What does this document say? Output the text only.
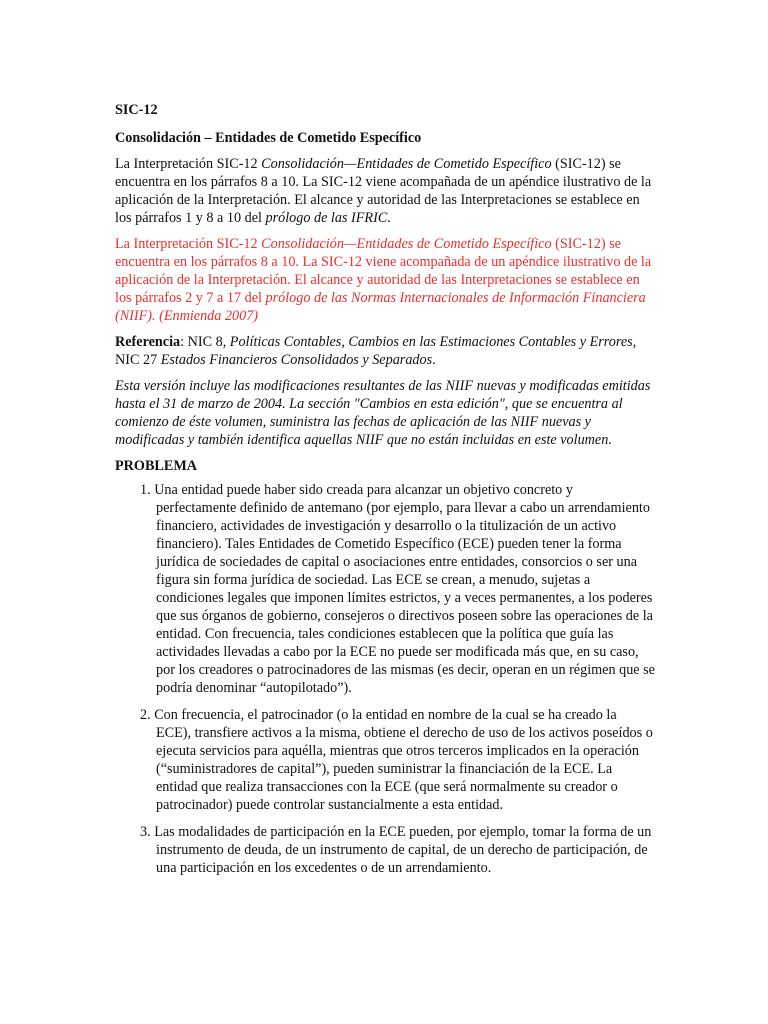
SIC-12
Consolidación – Entidades de Cometido Específico

La Interpretación SIC-12 Consolidación—Entidades de Cometido Específico (SIC-12) se encuentra en los párrafos 8 a 10. La SIC-12 viene acompañada de un apéndice ilustrativo de la aplicación de la Interpretación. El alcance y autoridad de las Interpretaciones se establece en los párrafos 1 y 8 a 10 del prólogo de las IFRIC.

La Interpretación SIC-12 Consolidación—Entidades de Cometido Específico (SIC-12) se encuentra en los párrafos 8 a 10. La SIC-12 viene acompañada de un apéndice ilustrativo de la aplicación de la Interpretación. El alcance y autoridad de las Interpretaciones se establece en los párrafos 2 y 7 a 17 del prólogo de las Normas Internacionales de Información Financiera (NIIF). (Enmienda 2007)

Referencia: NIC 8, Políticas Contables, Cambios en las Estimaciones Contables y Errores, NIC 27 Estados Financieros Consolidados y Separados.

Esta versión incluye las modificaciones resultantes de las NIIF nuevas y modificadas emitidas hasta el 31 de marzo de 2004. La sección "Cambios en esta edición", que se encuentra al comienzo de éste volumen, suministra las fechas de aplicación de las NIIF nuevas y modificadas y también identifica aquellas NIIF que no están incluidas en este volumen.

PROBLEMA
1. Una entidad puede haber sido creada para alcanzar un objetivo concreto y perfectamente definido de antemano (por ejemplo, para llevar a cabo un arrendamiento financiero, actividades de investigación y desarrollo o la titulización de un activo financiero). Tales Entidades de Cometido Específico (ECE) pueden tener la forma jurídica de sociedades de capital o asociaciones entre entidades, consorcios o ser una figura sin forma jurídica de sociedad. Las ECE se crean, a menudo, sujetas a condiciones legales que imponen límites estrictos, y a veces permanentes, a los poderes que sus órganos de gobierno, consejeros o directivos poseen sobre las operaciones de la entidad. Con frecuencia, tales condiciones establecen que la política que guía las actividades llevadas a cabo por la ECE no puede ser modificada más que, en su caso, por los creadores o patrocinadores de las mismas (es decir, operan en un régimen que se podría denominar “autopilotado”).
2. Con frecuencia, el patrocinador (o la entidad en nombre de la cual se ha creado la ECE), transfiere activos a la misma, obtiene el derecho de uso de los activos poseídos o ejecuta servicios para aquélla, mientras que otros terceros implicados en la operación (“suministradores de capital”), pueden suministrar la financiación de la ECE. La entidad que realiza transacciones con la ECE (que será normalmente su creador o patrocinador) puede controlar sustancialmente a esta entidad.
3. Las modalidades de participación en la ECE pueden, por ejemplo, tomar la forma de un instrumento de deuda, de un instrumento de capital, de un derecho de participación, de una participación en los excedentes o de un arrendamiento.
